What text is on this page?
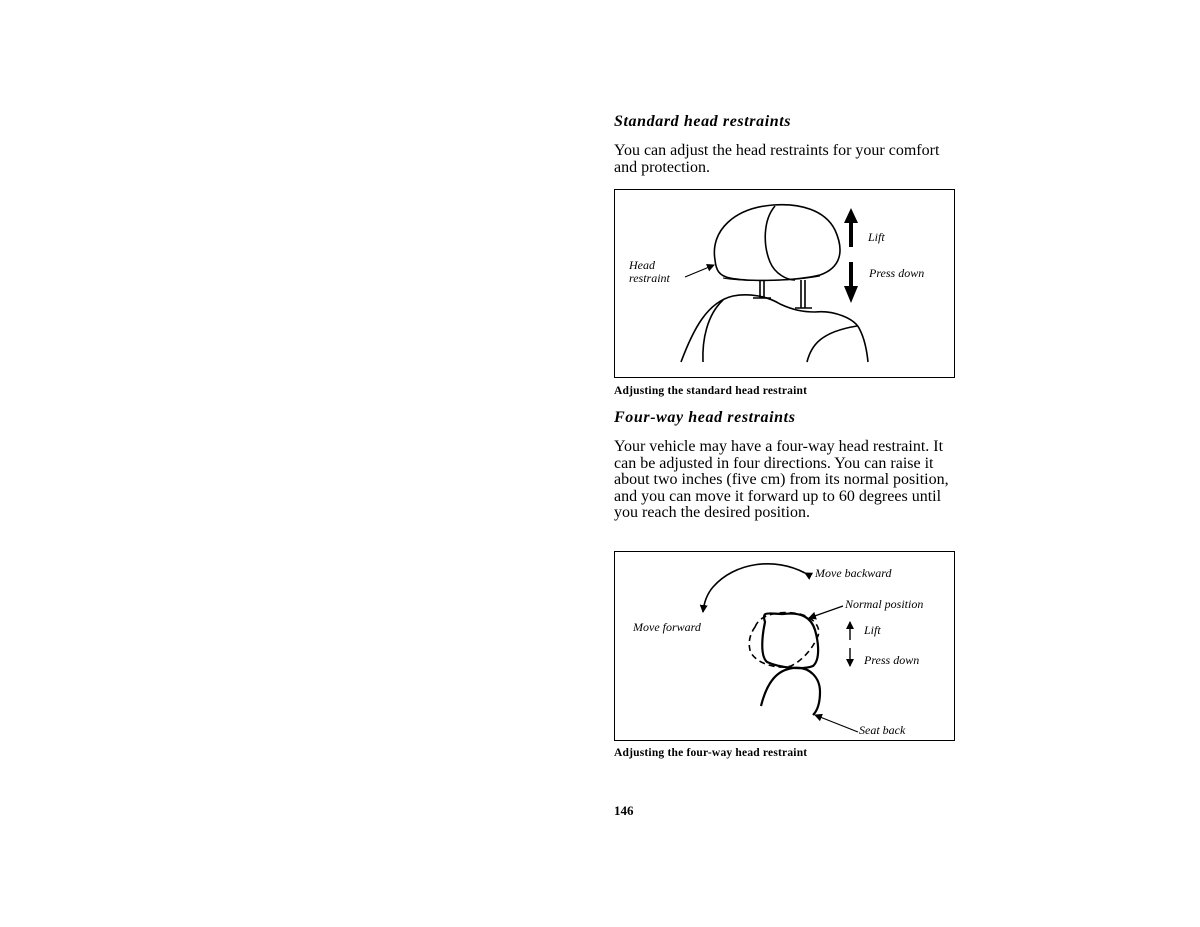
Standard head restraints

You can adjust the head restraints for your comfort and protection.

Head
restraint
Lift
Press down

Adjusting the standard head restraint

Four-way head restraints

Your vehicle may have a four-way head restraint. It can be adjusted in four directions. You can raise it about two inches (five cm) from its normal position, and you can move it forward up to 60 degrees until you reach the desired position.

Move backward
Move forward
Normal position
Lift
Press down
Seat back

Adjusting the four-way head restraint

146
